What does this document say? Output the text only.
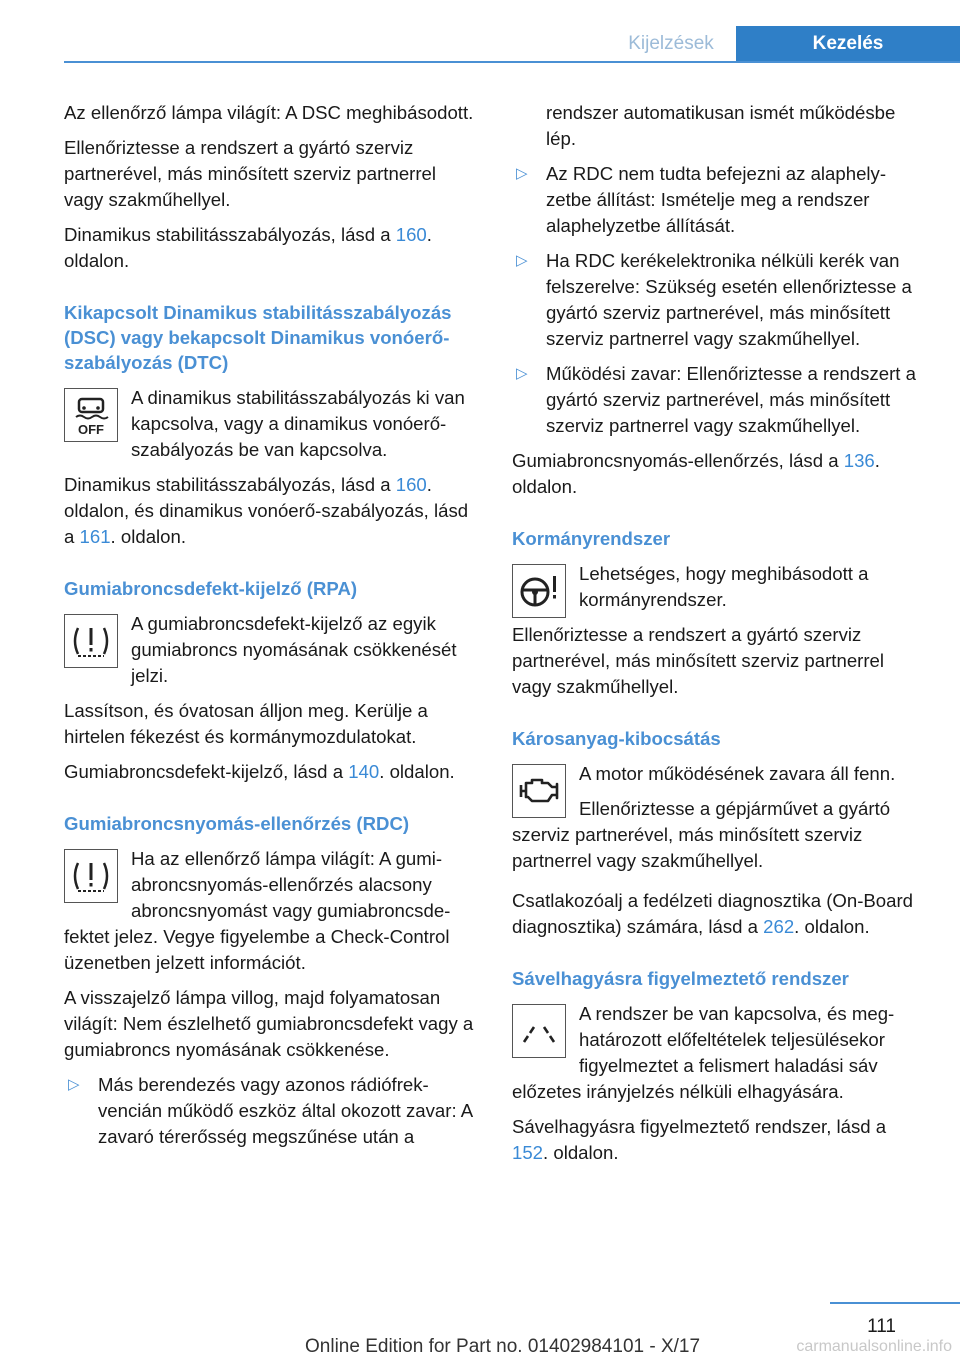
Kijelzések	Kezelés

Az ellenőrző lámpa világít: A DSC meghibásodott.

Ellenőriztesse a rendszert a gyártó szerviz partnerével, más minősített szerviz partnerrel vagy szakműhellyel.

Dinamikus stabilitásszabályozás, lásd a 160. oldalon.

Kikapcsolt Dinamikus stabilitásszabályozás (DSC) vagy bekapcsolt Dinamikus vonóerőszabályozás (DTC)
OFF

A dinamikus stabilitásszabályozás ki van kapcsolva, vagy a dinamikus vonóerő-szabályozás be van kapcsolva.

Dinamikus stabilitásszabályozás, lásd a 160. oldalon, és dinamikus vonóerő-szabályozás, lásd a 161. oldalon.

Gumiabroncsdefekt-kijelző (RPA)

A gumiabroncsdefekt-kijelző az egyik gumiabroncs nyomásának csökkenését jelzi.

Lassítson, és óvatosan álljon meg. Kerülje a hirtelen fékezést és kormánymozdulatokat.

Gumiabroncsdefekt-kijelző, lásd a 140. oldalon.

Gumiabroncsnyomás-ellenőrzés (RDC)

Ha az ellenőrző lámpa világít: A gumiabroncsnyomás-ellenőrzés alacsony abroncsnyomást vagy gumiabroncsdefektet jelez. Vegye figyelembe a Check-Control üzenetben jelzett információt.

A visszajelző lámpa villog, majd folyamatosan világít: Nem észlelhető gumiabroncsdefekt vagy a gumiabroncs nyomásának csökkenése.

▷ Más berendezés vagy azonos rádiófrekvencián működő eszköz által okozott zavar: A zavaró térerősség megszűnése után a
rendszer automatikusan ismét működésbe lép.
▷ Az RDC nem tudta befejezni az alaphelyzetbe állítást: Ismételje meg a rendszer alaphelyzetbe állítását.
▷ Ha RDC kerékelektronika nélküli kerék van felszerelve: Szükség esetén ellenőriztesse a gyártó szerviz partnerével, más minősített szerviz partnerrel vagy szakműhellyel.
▷ Működési zavar: Ellenőriztesse a rendszert a gyártó szerviz partnerével, más minősített szerviz partnerrel vagy szakműhellyel.

Gumiabroncsnyomás-ellenőrzés, lásd a 136. oldalon.

Kormányrendszer

Lehetséges, hogy meghibásodott a kormányrendszer.

Ellenőriztesse a rendszert a gyártó szerviz partnerével, más minősített szerviz partnerrel vagy szakműhellyel.

Károsanyag-kibocsátás

A motor működésének zavara áll fenn.

Ellenőriztesse a gépjárművet a gyártó szerviz partnerével, más minősített szerviz partnerrel vagy szakműhellyel.

Csatlakozóalj a fedélzeti diagnosztika (On-Board diagnosztika) számára, lásd a 262. oldalon.

Sávelhagyásra figyelmeztető rendszer

A rendszer be van kapcsolva, és meghatározott előfeltételek teljesülésekor figyelmeztet a felismert haladási sáv előzetes irányjelzés nélküli elhagyására.

Sávelhagyásra figyelmeztető rendszer, lásd a 152. oldalon.

111
Online Edition for Part no. 01402984101 - X/17	carmanualsonline.info
